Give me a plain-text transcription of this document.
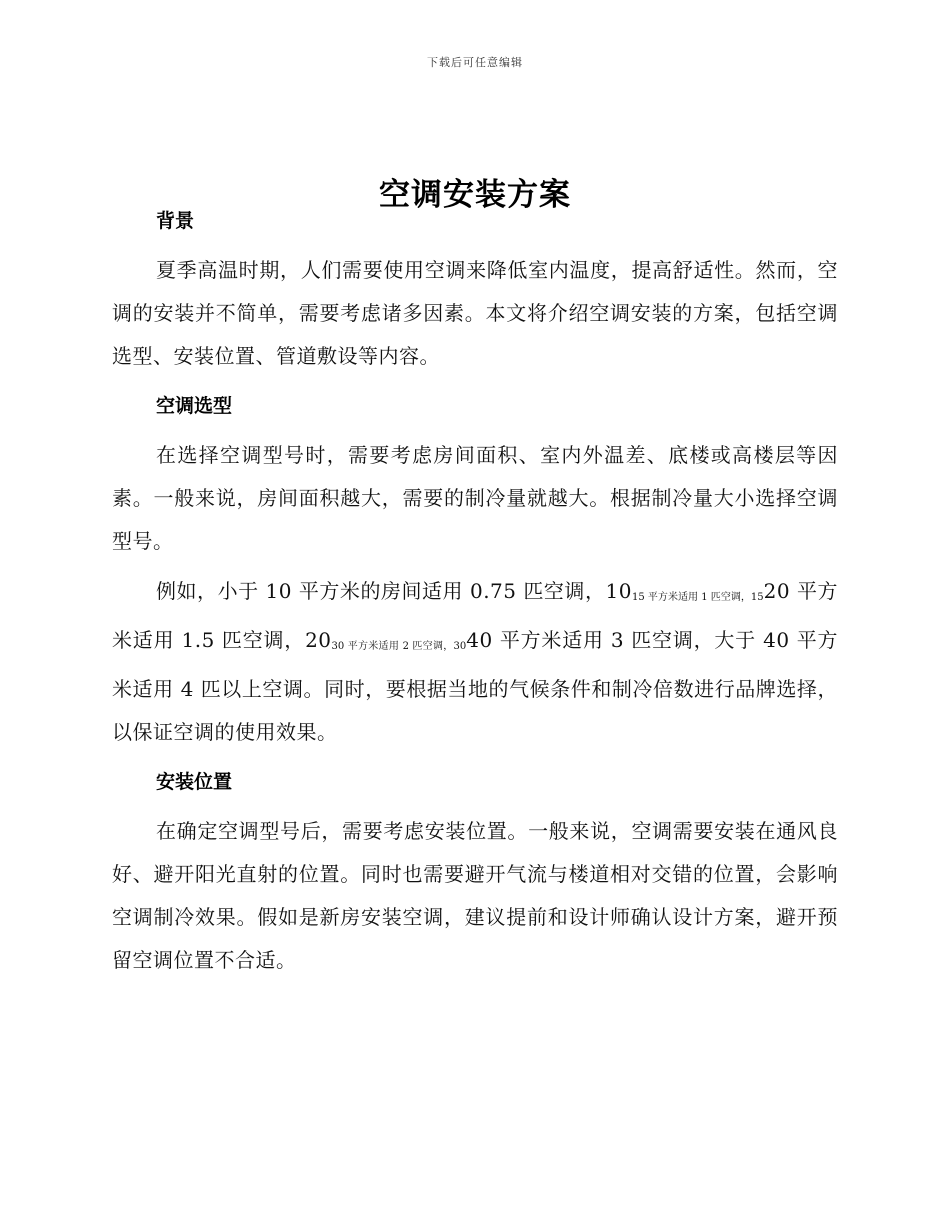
下载后可任意编辑
空调安装方案
背景

夏季高温时期，人们需要使用空调来降低室内温度，提高舒适性。然而，空调的安装并不简单，需要考虑诸多因素。本文将介绍空调安装的方案，包括空调选型、安装位置、管道敷设等内容。

空调选型

在选择空调型号时，需要考虑房间面积、室内外温差、底楼或高楼层等因素。一般来说，房间面积越大，需要的制冷量就越大。根据制冷量大小选择空调型号。

例如，小于 10 平方米的房间适用 0.75 匹空调，1015 平方米适用 1 匹空调，1520 平方米适用 1.5 匹空调，2030 平方米适用 2 匹空调，3040 平方米适用 3 匹空调，大于 40 平方米适用 4 匹以上空调。同时，要根据当地的气候条件和制冷倍数进行品牌选择，以保证空调的使用效果。

安装位置

在确定空调型号后，需要考虑安装位置。一般来说，空调需要安装在通风良好、避开阳光直射的位置。同时也需要避开气流与楼道相对交错的位置，会影响空调制冷效果。假如是新房安装空调，建议提前和设计师确认设计方案，避开预留空调位置不合适。
